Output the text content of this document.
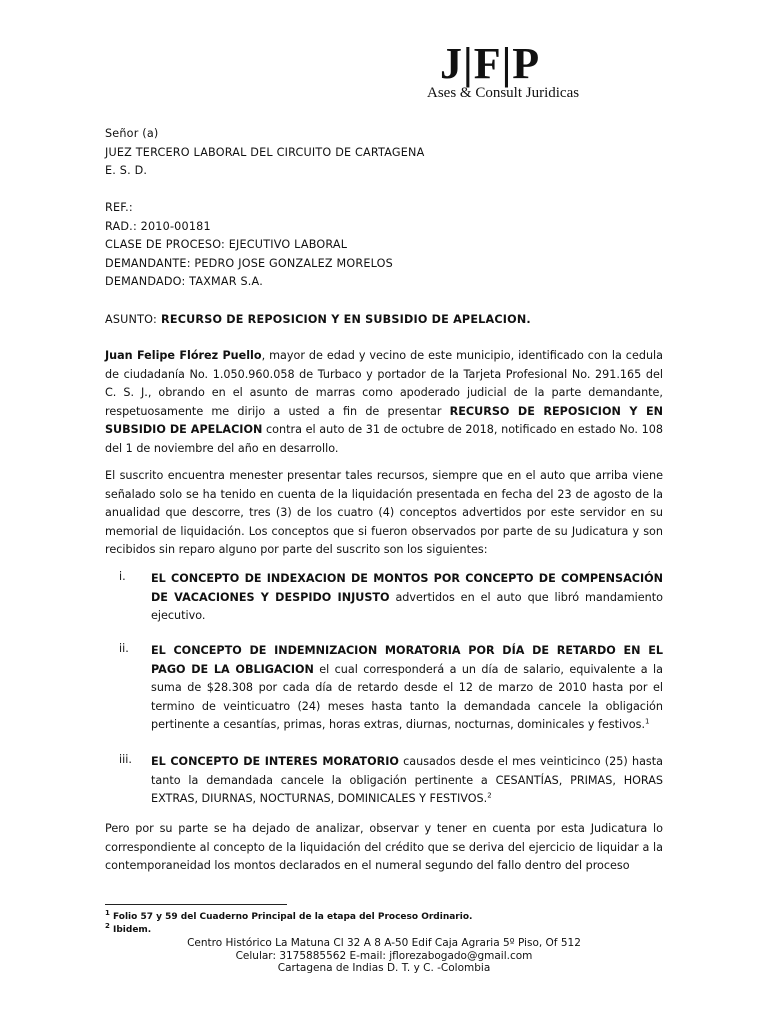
J|F|P
Ases & Consult Juridicas
Señor (a)
JUEZ TERCERO LABORAL DEL CIRCUITO DE CARTAGENA
E. S. D.
REF.:
RAD.: 2010-00181
CLASE DE PROCESO: EJECUTIVO LABORAL
DEMANDANTE: PEDRO JOSE GONZALEZ MORELOS
DEMANDADO: TAXMAR S.A.
ASUNTO: RECURSO DE REPOSICION Y EN SUBSIDIO DE APELACION.

Juan Felipe Flórez Puello, mayor de edad y vecino de este municipio, identificado con la cedula de ciudadanía No. 1.050.960.058 de Turbaco y portador de la Tarjeta Profesional No. 291.165 del C. S. J., obrando en el asunto de marras como apoderado judicial de la parte demandante, respetuosamente me dirijo a usted a fin de presentar RECURSO DE REPOSICION Y EN SUBSIDIO DE APELACION contra el auto de 31 de octubre de 2018, notificado en estado No. 108 del 1 de noviembre del año en desarrollo.

El suscrito encuentra menester presentar tales recursos, siempre que en el auto que arriba viene señalado solo se ha tenido en cuenta de la liquidación presentada en fecha del 23 de agosto de la anualidad que descorre, tres (3) de los cuatro (4) conceptos advertidos por este servidor en su memorial de liquidación. Los conceptos que si fueron observados por parte de su Judicatura y son recibidos sin reparo alguno por parte del suscrito son los siguientes:

i. EL CONCEPTO DE INDEXACION DE MONTOS POR CONCEPTO DE COMPENSACIÓN DE VACACIONES Y DESPIDO INJUSTO advertidos en el auto que libró mandamiento ejecutivo.
ii. EL CONCEPTO DE INDEMNIZACION MORATORIA POR DÍA DE RETARDO EN EL PAGO DE LA OBLIGACION el cual corresponderá a un día de salario, equivalente a la suma de $28.308 por cada día de retardo desde el 12 de marzo de 2010 hasta por el termino de veinticuatro (24) meses hasta tanto la demandada cancele la obligación pertinente a cesantías, primas, horas extras, diurnas, nocturnas, dominicales y festivos.$^1$
iii. EL CONCEPTO DE INTERES MORATORIO causados desde el mes veinticinco (25) hasta tanto la demandada cancele la obligación pertinente a CESANTÍAS, PRIMAS, HORAS EXTRAS, DIURNAS, NOCTURNAS, DOMINICALES Y FESTIVOS.$^2$

Pero por su parte se ha dejado de analizar, observar y tener en cuenta por esta Judicatura lo correspondiente al concepto de la liquidación del crédito que se deriva del ejercicio de liquidar a la contemporaneidad los montos declarados en el numeral segundo del fallo dentro del proceso

$^1$ Folio 57 y 59 del Cuaderno Principal de la etapa del Proceso Ordinario.
$^2$ Ibidem.
Centro Histórico La Matuna Cl 32 A 8 A-50 Edif Caja Agraria 5º Piso, Of 512
Celular: 3175885562 E-mail: jflorezabogado@gmail.com
Cartagena de Indias D. T. y C. -Colombia
